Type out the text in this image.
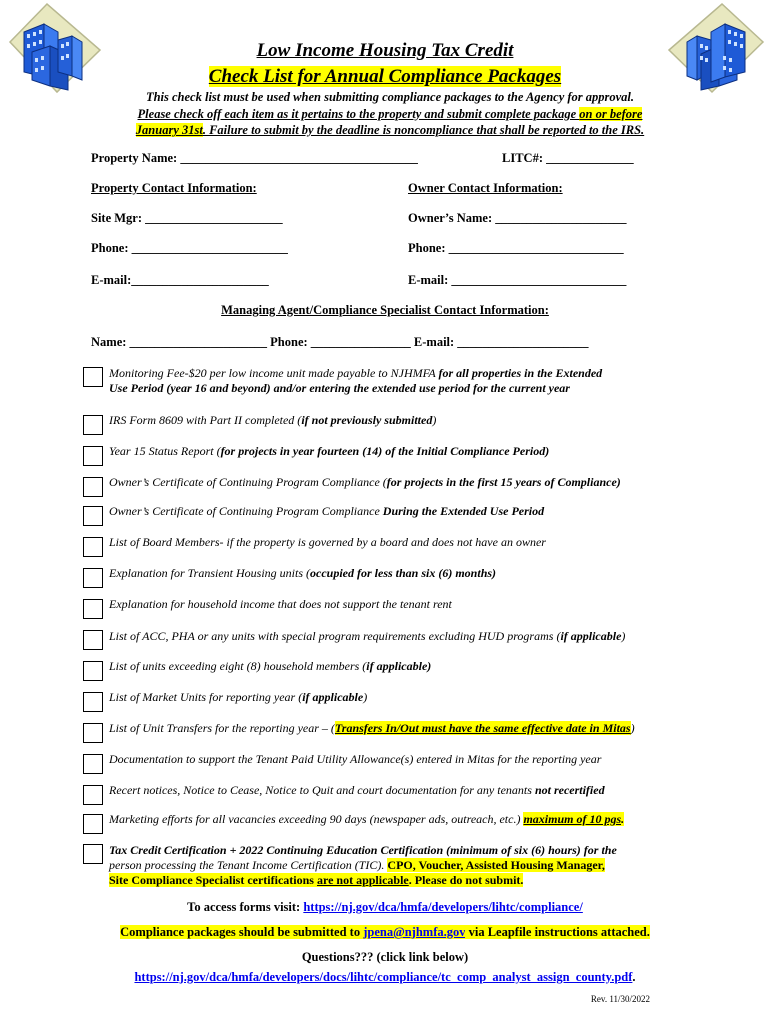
Low Income Housing Tax Credit
Check List for Annual Compliance Packages
This check list must be used when submitting compliance packages to the Agency for approval.
Please check off each item as it pertains to the property and submit complete package on or before
January 31st. Failure to submit by the deadline is noncompliance that shall be reported to the IRS.
Property Name: ______________________________________	LITC#: ______________
Property Contact Information:	Owner Contact Information:
Site Mgr: ______________________	Owner’s Name: _____________________
Phone: _________________________	Phone: ____________________________
E-mail:______________________	E-mail: ____________________________
Managing Agent/Compliance Specialist Contact Information:
Name: ______________________ Phone: ________________ E-mail: _____________________
Monitoring Fee-$20 per low income unit made payable to NJHMFA for all properties in the Extended
Use Period (year 16 and beyond) and/or entering the extended use period for the current year
IRS Form 8609 with Part II completed (if not previously submitted)
Year 15 Status Report (for projects in year fourteen (14) of the Initial Compliance Period)
Owner’s Certificate of Continuing Program Compliance (for projects in the first 15 years of Compliance)
Owner’s Certificate of Continuing Program Compliance During the Extended Use Period
List of Board Members- if the property is governed by a board and does not have an owner
Explanation for Transient Housing units (occupied for less than six (6) months)
Explanation for household income that does not support the tenant rent
List of ACC, PHA or any units with special program requirements excluding HUD programs (if applicable)
List of units exceeding eight (8) household members (if applicable)
List of Market Units for reporting year (if applicable)
List of Unit Transfers for the reporting year – (Transfers In/Out must have the same effective date in Mitas)
Documentation to support the Tenant Paid Utility Allowance(s) entered in Mitas for the reporting year
Recert notices, Notice to Cease, Notice to Quit and court documentation for any tenants not recertified
Marketing efforts for all vacancies exceeding 90 days (newspaper ads, outreach, etc.) maximum of 10 pgs.
Tax Credit Certification + 2022 Continuing Education Certification (minimum of six (6) hours) for the
person processing the Tenant Income Certification (TIC). CPO, Voucher, Assisted Housing Manager,
Site Compliance Specialist certifications are not applicable. Please do not submit.
To access forms visit: https://nj.gov/dca/hmfa/developers/lihtc/compliance/
Compliance packages should be submitted to jpena@njhmfa.gov via Leapfile instructions attached.
Questions??? (click link below)
https://nj.gov/dca/hmfa/developers/docs/lihtc/compliance/tc_comp_analyst_assign_county.pdf.
Rev. 11/30/2022
